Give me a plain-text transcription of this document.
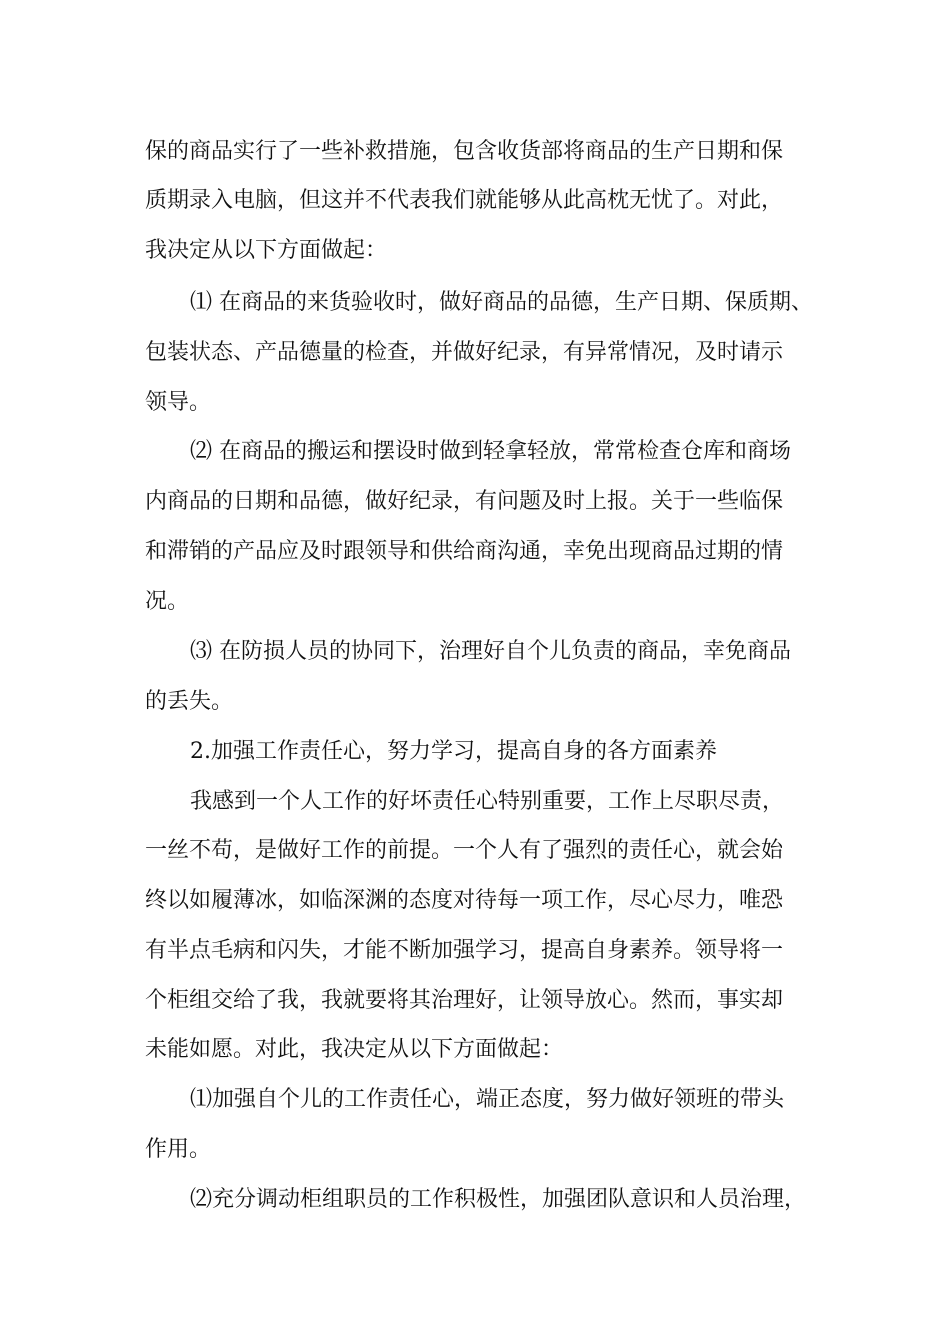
保的商品实行了一些补救措施，包含收货部将商品的生产日期和保
质期录入电脑，但这并不代表我们就能够从此高枕无忧了。对此，
我决定从以下方面做起：
⑴ 在商品的来货验收时，做好商品的品德，生产日期、保质期、
包装状态、产品德量的检查，并做好纪录，有异常情况，及时请示
领导。
⑵ 在商品的搬运和摆设时做到轻拿轻放，常常检查仓库和商场
内商品的日期和品德，做好纪录，有问题及时上报。关于一些临保
和滞销的产品应及时跟领导和供给商沟通，幸免出现商品过期的情
况。
⑶ 在防损人员的协同下，治理好自个儿负责的商品，幸免商品
的丢失。
2.加强工作责任心，努力学习，提高自身的各方面素养
我感到一个人工作的好坏责任心特别重要，工作上尽职尽责，
一丝不苟，是做好工作的前提。一个人有了强烈的责任心，就会始
终以如履薄冰，如临深渊的态度对待每一项工作，尽心尽力，唯恐
有半点毛病和闪失，才能不断加强学习，提高自身素养。领导将一
个柜组交给了我，我就要将其治理好，让领导放心。然而，事实却
未能如愿。对此，我决定从以下方面做起：
⑴加强自个儿的工作责任心，端正态度，努力做好领班的带头
作用。
⑵充分调动柜组职员的工作积极性，加强团队意识和人员治理，
